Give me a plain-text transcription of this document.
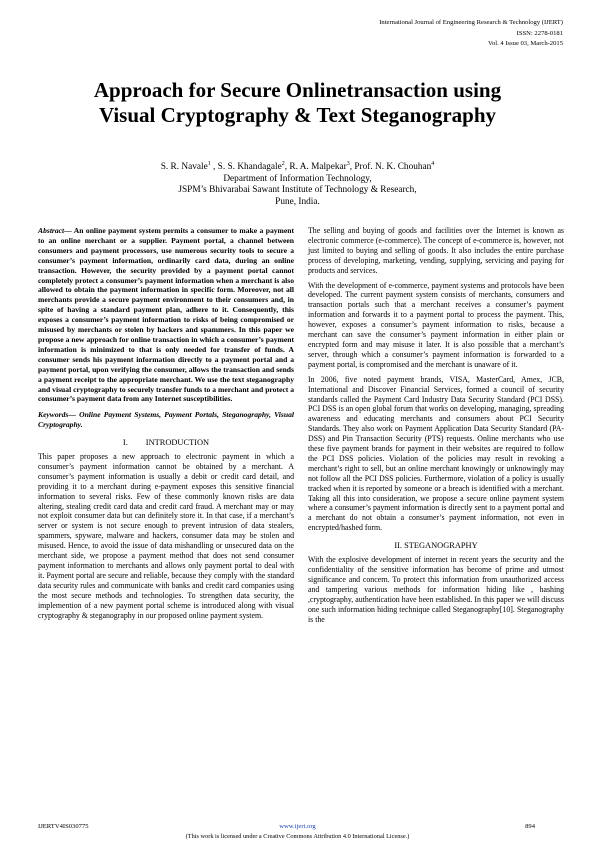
International Journal of Engineering Research & Technology (IJERT)
ISSN: 2278-0181
Vol. 4 Issue 03, March-2015
Approach for Secure Onlinetransaction using
Visual Cryptography & Text Steganography
S. R. Navale$^1$ , S. S. Khandagale$^2$, R. A. Malpekar$^3$, Prof. N. K. Chouhan$^4$
Department of Information Technology,
JSPM’s Bhivarabai Sawant Institute of Technology & Research,
Pune, India.

Abstract— An online payment system permits a consumer to make a payment to an online merchant or a supplier. Payment portal, a channel between consumers and payment processors, use numerous security tools to secure a consumer’s payment information, ordinarily card data, during an online transaction. However, the security provided by a payment portal cannot completely protect a consumer’s payment information when a merchant is also allowed to obtain the payment information in specific form. Moreover, not all merchants provide a secure payment environment to their consumers and, in spite of having a standard payment plan, adhere to it. Consequently, this exposes a consumer’s payment information to risks of being compromised or misused by merchants or stolen by hackers and spammers. In this paper we propose a new approach for online transaction in which a consumer’s payment information is minimized to that is only needed for transfer of funds. A consumer sends his payment information directly to a payment portal and a payment portal, upon verifying the consumer, allows the transaction and sends a payment receipt to the appropriate merchant. We use the text steganography and visual cryptography to securely transfer funds to a merchant and protect a consumer’s payment data from any Internet susceptibilities.

Keywords— Online Payment Systems, Payment Portals, Steganography, Visual Cryptography.

I. INTRODUCTION

This paper proposes a new approach to electronic payment in which a consumer’s payment information cannot be obtained by a merchant. A consumer’s payment information is usually a debit or credit card detail, and providing it to a merchant during e-payment exposes this sensitive financial information to several risks. Few of these commonly known risks are data altering, stealing credit card data and credit card fraud. A merchant may or may not exploit consumer data but can definitely store it. In that case, if a merchant’s server or system is not secure enough to prevent intrusion of data stealers, spammers, spyware, malware and hackers, consumer data may be stolen and misused. Hence, to avoid the issue of data mishandling or unsecured data on the merchant side, we propose a payment method that does not send consumer payment information to merchants and allows only payment portal to deal with it. Payment portal are secure and reliable, because they comply with the standard data security rules and communicate with banks and credit card companies using the most secure methods and technologies. To strengthen data security, the implemention of a new payment portal scheme is introduced along with visual cryptography & steganography in our proposed online payment system.

The selling and buying of goods and facilities over the Internet is known as electronic commerce (e-commerce). The concept of e-commerce is, however, not just limited to buying and selling of goods. It also includes the entire purchase process of developing, marketing, vending, supplying, servicing and paying for products and services.

With the development of e-commerce, payment systems and protocols have been developed. The current payment system consists of merchants, consumers and transaction portals such that a merchant receives a consumer’s payment information and forwards it to a payment portal to process the payment. This, however, exposes a consumer’s payment information to risks, because a merchant can save the consumer’s payment information in either plain or encrypted form and may misuse it later. It is also possible that a merchant’s server, through which a consumer’s payment information is forwarded to a payment portal, is compromised and the merchant is unaware of it.

In 2006, five noted payment brands, VISA, MasterCard, Amex, JCB, International and Discover Financial Services, formed a council of security standards called the Payment Card Industry Data Security Standard (PCI DSS). PCI DSS is an open global forum that works on developing, managing, spreading awareness and educating merchants and consumers about PCI Security Standards. They also work on Payment Application Data Security Standard (PA-DSS) and Pin Transaction Security (PTS) requests. Online merchants who use these five payment brands for payment in their websites are required to follow the PCI DSS policies. Violation of the policies may result in revoking a merchant’s right to sell, but an online merchant knowingly or unknowingly may not follow all the PCI DSS policies. Furthermore, violation of a policy is usually tracked when it is reported by someone or a breach is identified with a merchant. Taking all this into consideration, we propose a secure online payment system where a consumer’s payment information is directly sent to a payment portal and a merchant do not obtain a consumer’s payment information, not even in encrypted/hashed form.

II. STEGANOGRAPHY

With the explosive development of internet in recent years the security and the confidentiality of the sensitive information has become of prime and utmost significance and concern. To protect this information from unauthorized access and tampering various methods for information hiding like , hashing ,cryptography, authentication have been established. In this paper we will discuss one such information hiding technique called Steganography[10]. Steganography is the

IJERTV4IS030775	www.ijert.org	894
(This work is licensed under a Creative Commons Attribution 4.0 International License.)
